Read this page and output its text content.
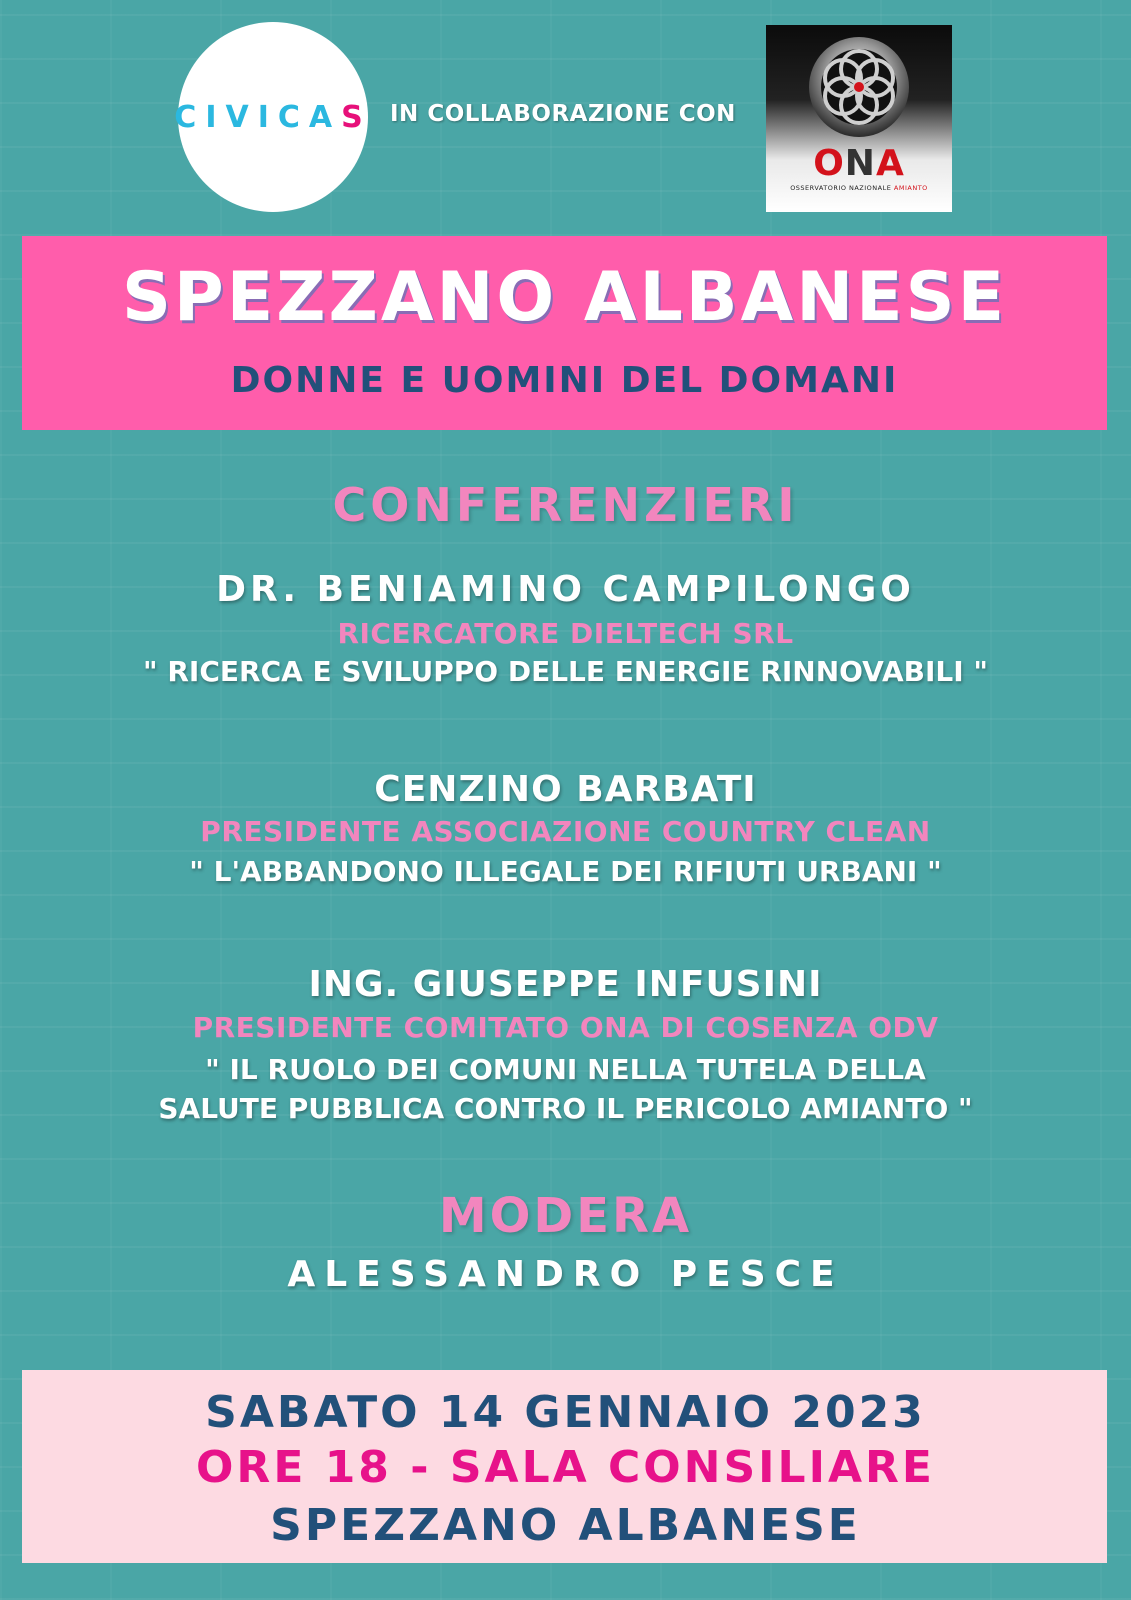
CIVICA S IN COLLABORAZIONE CON
ONA
OSSERVATORIO NAZIONALE AMIANTO
SPEZZANO ALBANESE
DONNE E UOMINI DEL DOMANI
CONFERENZIERI
DR. BENIAMINO CAMPILONGO
RICERCATORE DIELTECH SRL
" RICERCA E SVILUPPO DELLE ENERGIE RINNOVABILI "
CENZINO BARBATI
PRESIDENTE ASSOCIAZIONE COUNTRY CLEAN
" L'ABBANDONO ILLEGALE DEI RIFIUTI URBANI "
ING. GIUSEPPE INFUSINI
PRESIDENTE COMITATO ONA DI COSENZA ODV
" IL RUOLO DEI COMUNI NELLA TUTELA DELLA
SALUTE PUBBLICA CONTRO IL PERICOLO AMIANTO "
MODERA
ALESSANDRO PESCE
SABATO 14 GENNAIO 2023
ORE 18 - SALA CONSILIARE
SPEZZANO ALBANESE
